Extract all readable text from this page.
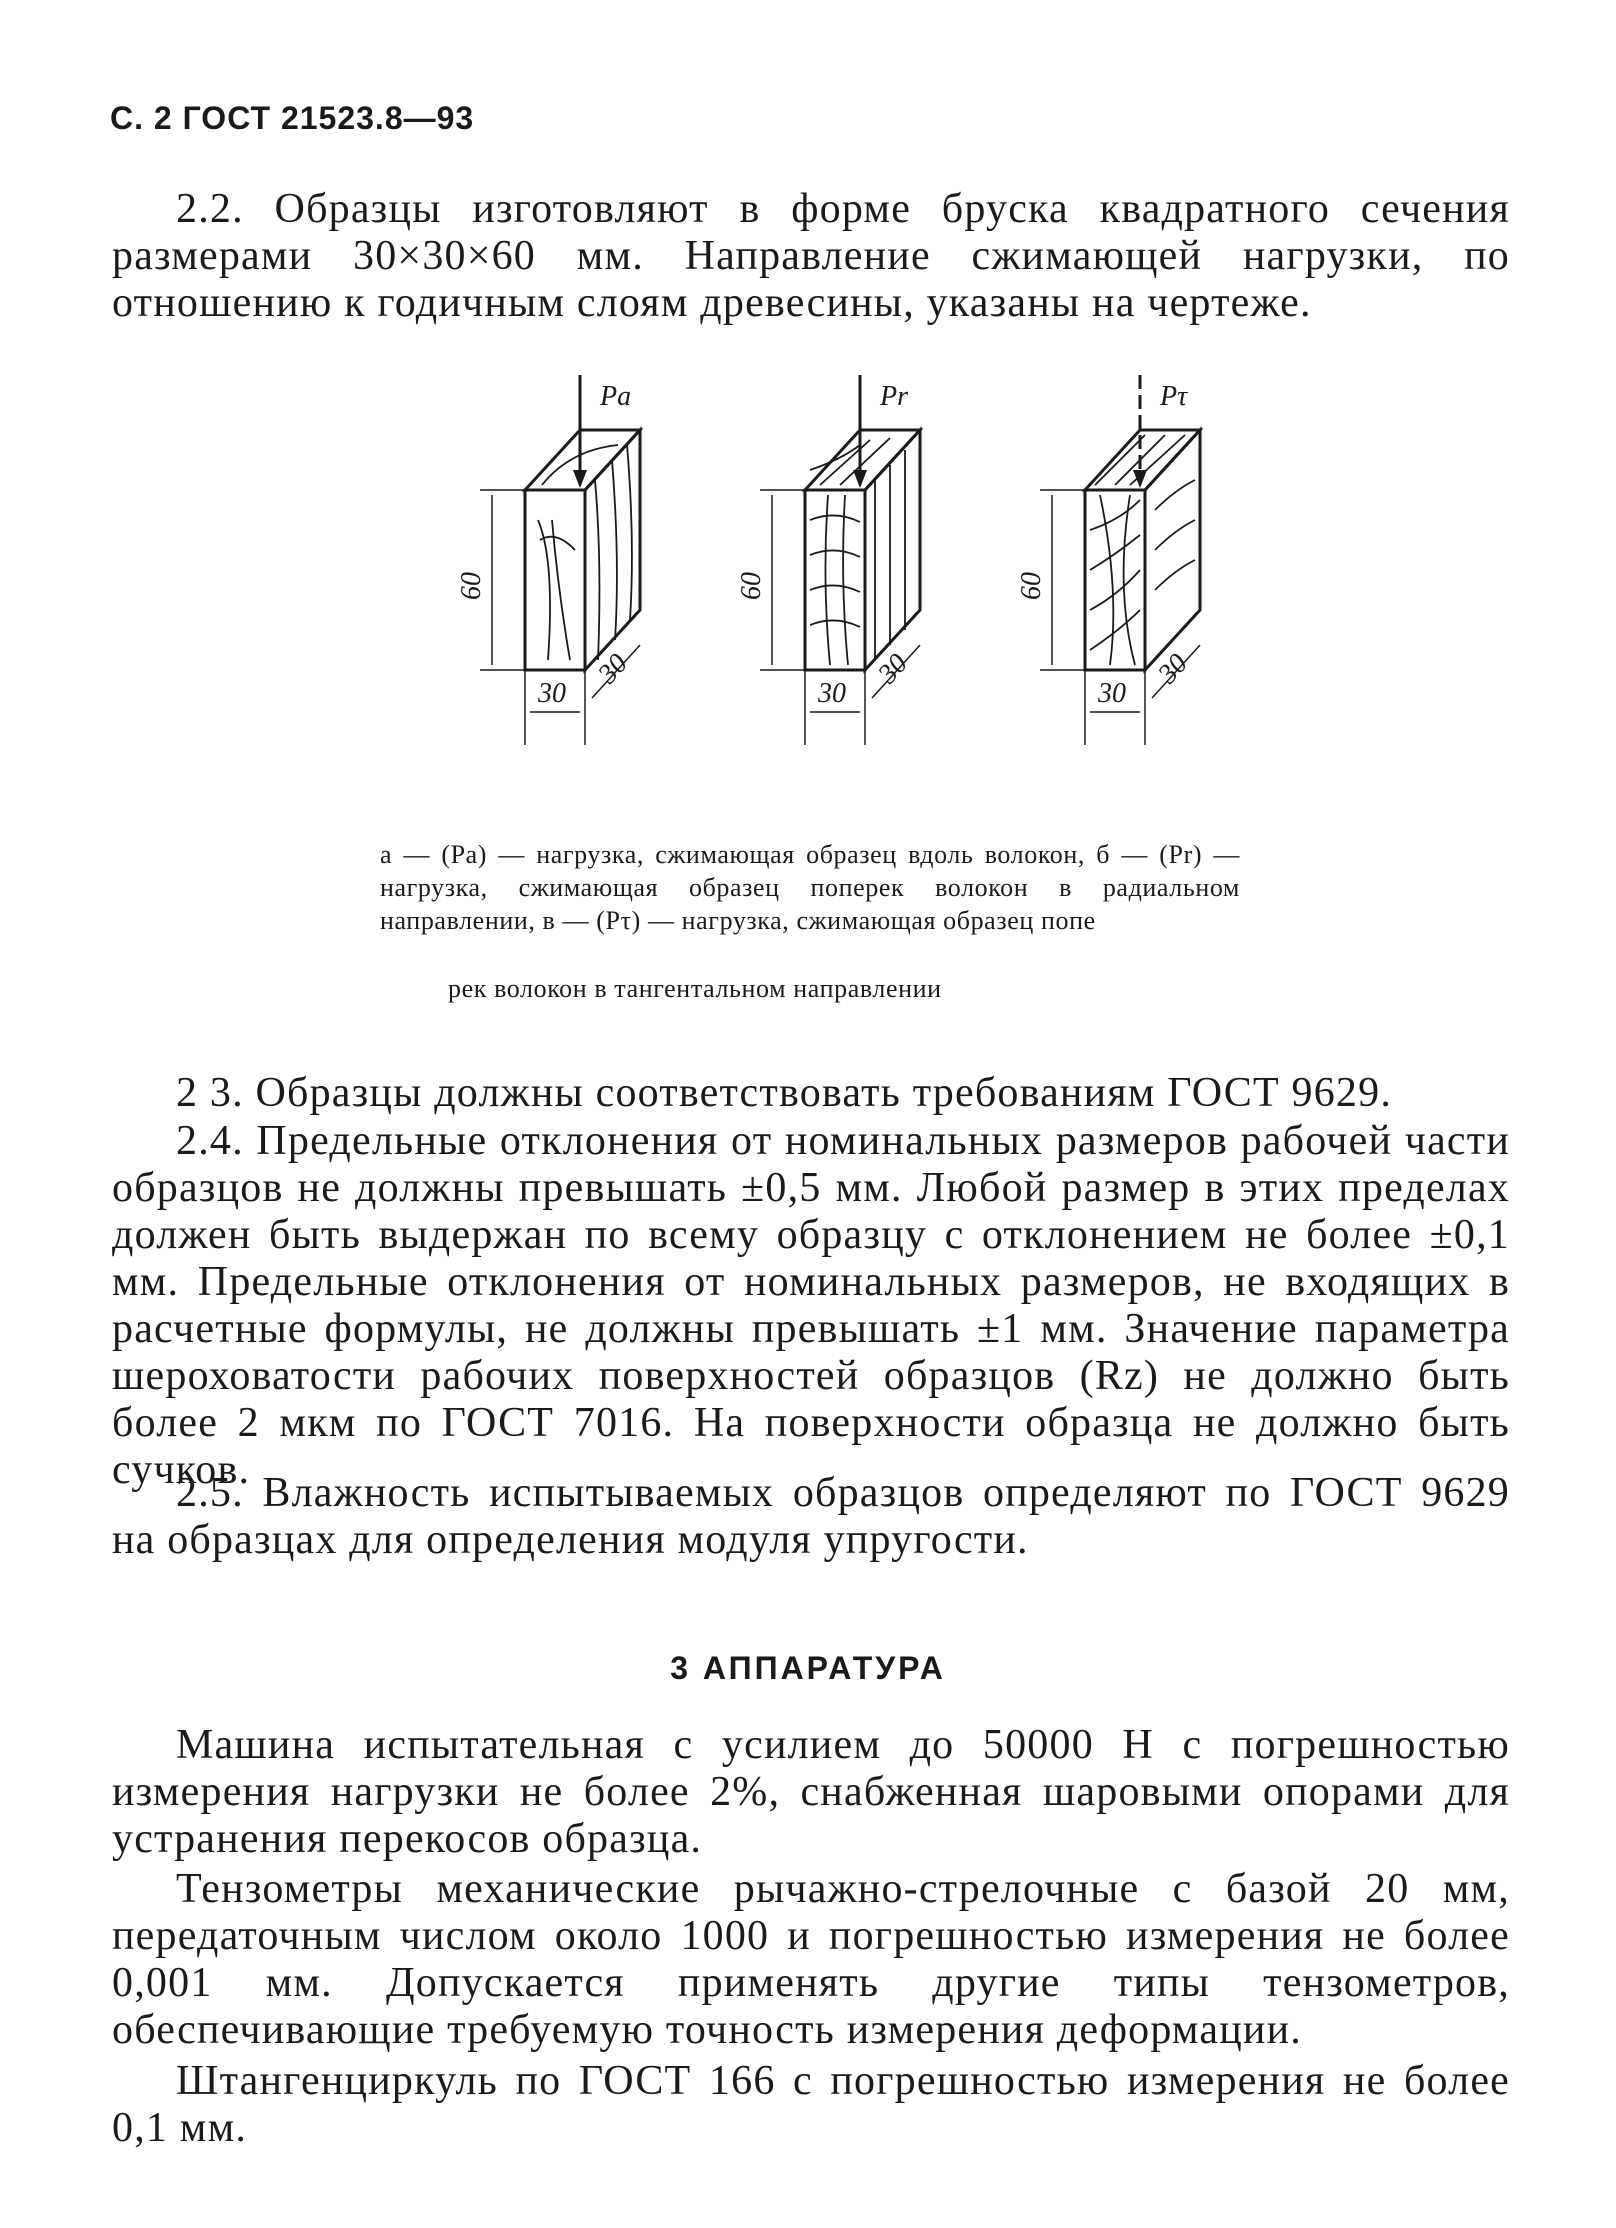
С. 2 ГОСТ 21523.8—93

2.2. Образцы изготовляют в форме бруска квадратного сечения размерами 30×30×60 мм. Направление сжимающей нагрузки, по отношению к годичным слоям древесины, указаны на чертеже.

Pa	Pr	Pτ
60	60	60
30	30	30
30	30	30
а — (Ра) — нагрузка, сжимающая образец вдоль волокон, б — (Рr) — нагрузка, сжимающая образец поперек волокон в радиальном направлении, в — (Рτ) — нагрузка, сжимающая образец попе
рек волокон в тангентальном направлении

2 3. Образцы должны соответствовать требованиям ГОСТ 9629.

2.4. Предельные отклонения от номинальных размеров рабочей части образцов не должны превышать ±0,5 мм. Любой размер в этих пределах должен быть выдержан по всему образцу с отклонением не более ±0,1 мм. Предельные отклонения от номинальных размеров, не входящих в расчетные формулы, не должны превышать ±1 мм. Значение параметра шероховатости рабочих поверхностей образцов (Rz) не должно быть более 2 мкм по ГОСТ 7016. На поверхности образца не должно быть сучков.

2.5. Влажность испытываемых образцов определяют по ГОСТ 9629 на образцах для определения модуля упругости.

3 АППАРАТУРА

Машина испытательная с усилием до 50000 Н с погрешностью измерения нагрузки не более 2%, снабженная шаровыми опорами для устранения перекосов образца.

Тензометры механические рычажно-стрелочные с базой 20 мм, передаточным числом около 1000 и погрешностью измерения не более 0,001 мм. Допускается применять другие типы тензометров, обеспечивающие требуемую точность измерения деформации.

Штангенциркуль по ГОСТ 166 с погрешностью измерения не более 0,1 мм.
